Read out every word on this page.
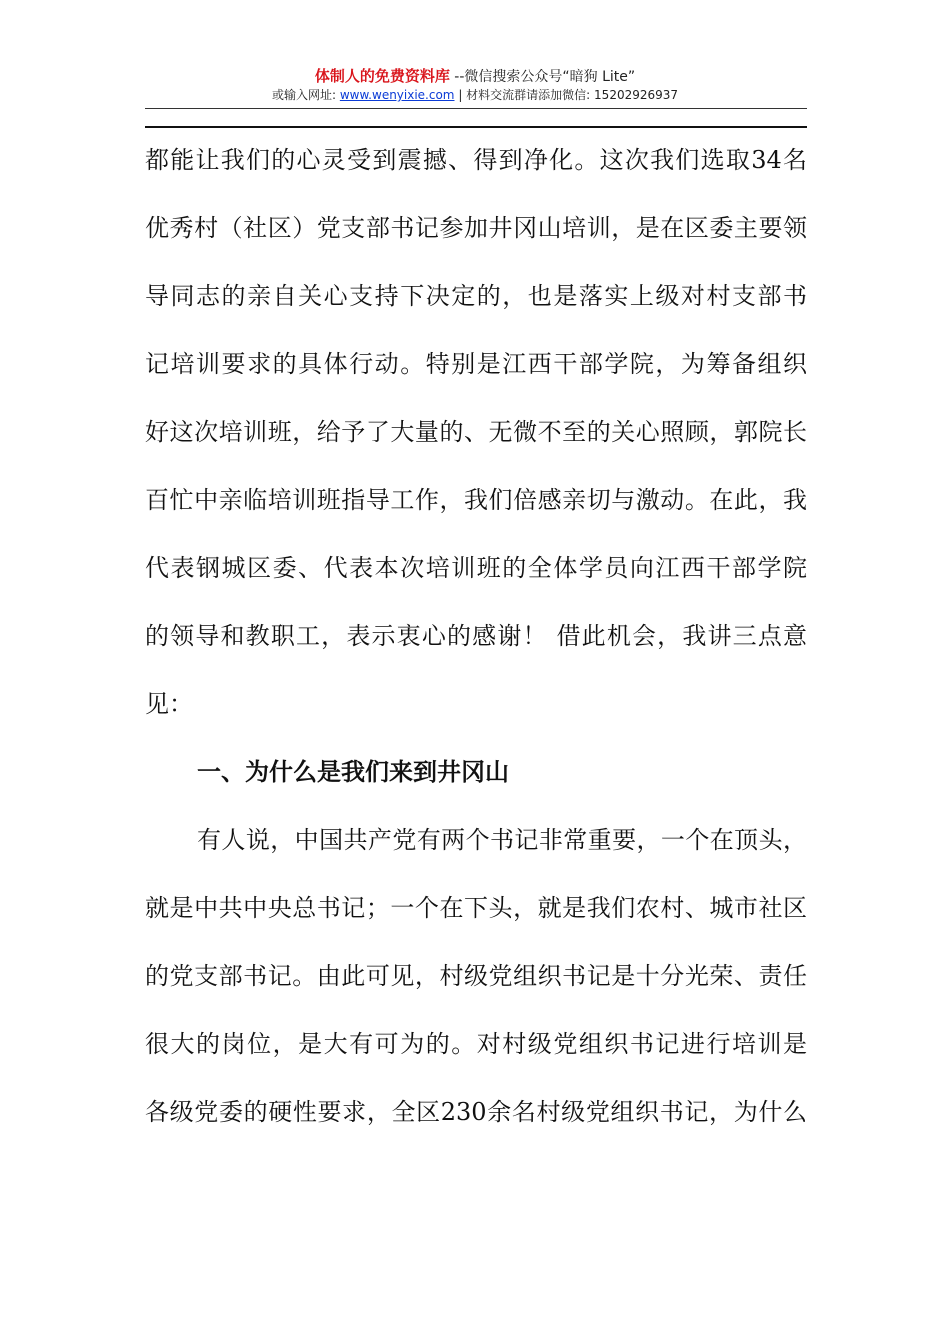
体制人的免费资料库 --微信搜索公众号“暗狗 Lite”
或输入网址: www.wenyixie.com | 材料交流群请添加微信: 15202926937
都能让我们的心灵受到震撼、得到净化。这次我们选取34名
优秀村（社区）党支部书记参加井冈山培训，是在区委主要领
导同志的亲自关心支持下决定的，也是落实上级对村支部书
记培训要求的具体行动。特别是江西干部学院，为筹备组织
好这次培训班，给予了大量的、无微不至的关心照顾，郭院长
百忙中亲临培训班指导工作，我们倍感亲切与激动。在此，我
代表钢城区委、代表本次培训班的全体学员向江西干部学院
的领导和教职工，表示衷心的感谢！ 借此机会，我讲三点意
见：
一、为什么是我们来到井冈山
有人说，中国共产党有两个书记非常重要，一个在顶头，
就是中共中央总书记；一个在下头，就是我们农村、城市社区
的党支部书记。由此可见，村级党组织书记是十分光荣、责任
很大的岗位，是大有可为的。对村级党组织书记进行培训是
各级党委的硬性要求，全区230余名村级党组织书记，为什么
